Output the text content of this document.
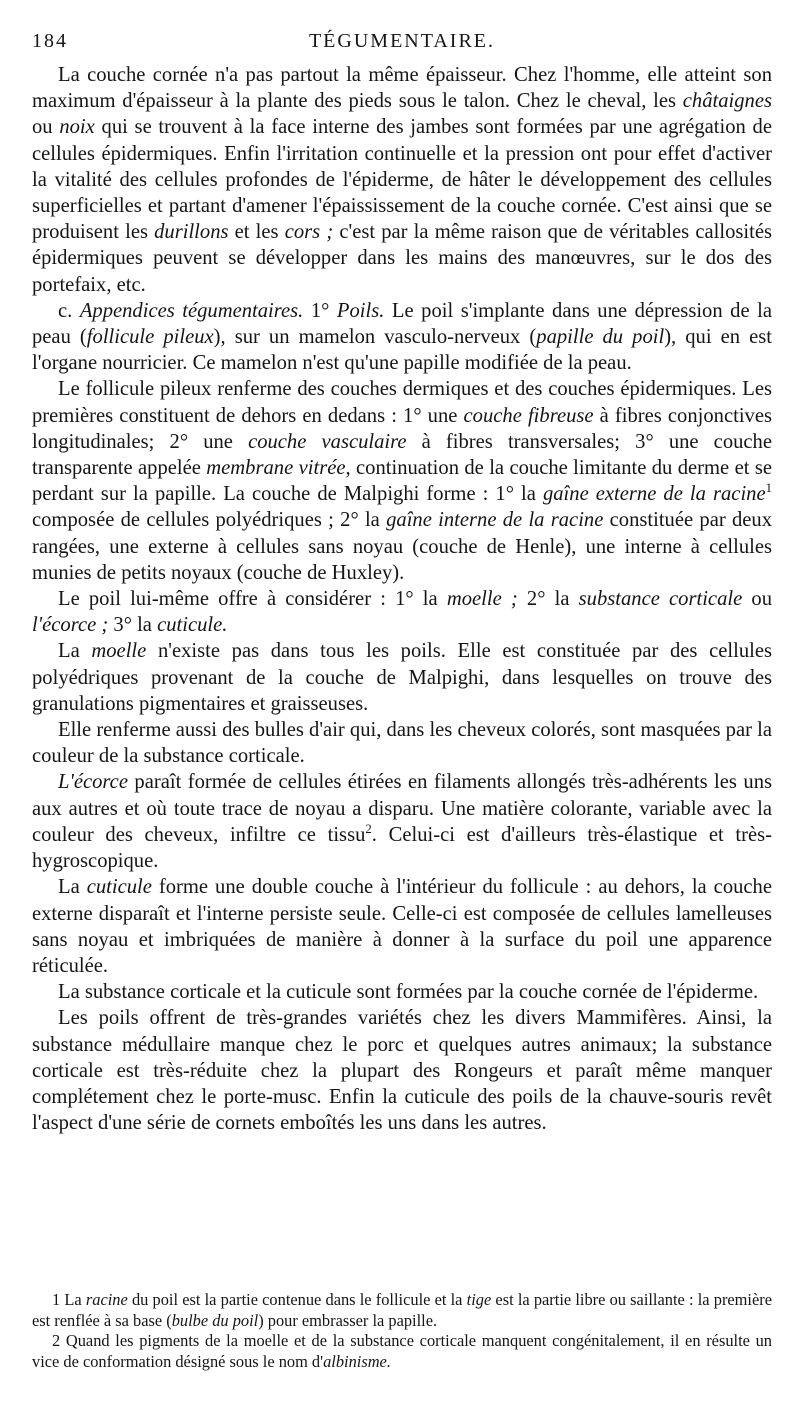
184	TÉGUMENTAIRE.

La couche cornée n'a pas partout la même épaisseur. Chez l'homme, elle atteint son maximum d'épaisseur à la plante des pieds sous le talon. Chez le cheval, les châtaignes ou noix qui se trouvent à la face interne des jambes sont formées par une agrégation de cellules épidermiques. Enfin l'irritation continuelle et la pression ont pour effet d'activer la vitalité des cellules profondes de l'épiderme, de hâter le développement des cellules superficielles et partant d'amener l'épaississement de la couche cornée. C'est ainsi que se produisent les durillons et les cors ; c'est par la même raison que de véritables callosités épidermiques peuvent se développer dans les mains des manœuvres, sur le dos des portefaix, etc.

c. Appendices tégumentaires. 1° Poils. Le poil s'implante dans une dépression de la peau (follicule pileux), sur un mamelon vasculo-nerveux (papille du poil), qui en est l'organe nourricier. Ce mamelon n'est qu'une papille modifiée de la peau.

Le follicule pileux renferme des couches dermiques et des couches épidermiques. Les premières constituent de dehors en dedans : 1° une couche fibreuse à fibres conjonctives longitudinales; 2° une couche vasculaire à fibres transversales; 3° une couche transparente appelée membrane vitrée, continuation de la couche limitante du derme et se perdant sur la papille. La couche de Malpighi forme : 1° la gaîne externe de la racine$^1$ composée de cellules polyédriques ; 2° la gaîne interne de la racine constituée par deux rangées, une externe à cellules sans noyau (couche de Henle), une interne à cellules munies de petits noyaux (couche de Huxley).

Le poil lui-même offre à considérer : 1° la moelle ; 2° la substance corticale ou l'écorce ; 3° la cuticule.

La moelle n'existe pas dans tous les poils. Elle est constituée par des cellules polyédriques provenant de la couche de Malpighi, dans lesquelles on trouve des granulations pigmentaires et graisseuses.

Elle renferme aussi des bulles d'air qui, dans les cheveux colorés, sont masquées par la couleur de la substance corticale.

L'écorce paraît formée de cellules étirées en filaments allongés très-adhérents les uns aux autres et où toute trace de noyau a disparu. Une matière colorante, variable avec la couleur des cheveux, infiltre ce tissu$^2$. Celui-ci est d'ailleurs très-élastique et très-hygroscopique.

La cuticule forme une double couche à l'intérieur du follicule : au dehors, la couche externe disparaît et l'interne persiste seule. Celle-ci est composée de cellules lamelleuses sans noyau et imbriquées de manière à donner à la surface du poil une apparence réticulée.

La substance corticale et la cuticule sont formées par la couche cornée de l'épiderme.

Les poils offrent de très-grandes variétés chez les divers Mammifères. Ainsi, la substance médullaire manque chez le porc et quelques autres animaux; la substance corticale est très-réduite chez la plupart des Rongeurs et paraît même manquer complétement chez le porte-musc. Enfin la cuticule des poils de la chauve-souris revêt l'aspect d'une série de cornets emboîtés les uns dans les autres.

1 La racine du poil est la partie contenue dans le follicule et la tige est la partie libre ou saillante : la première est renflée à sa base (bulbe du poil) pour embrasser la papille.

2 Quand les pigments de la moelle et de la substance corticale manquent congénitalement, il en résulte un vice de conformation désigné sous le nom d'albinisme.
